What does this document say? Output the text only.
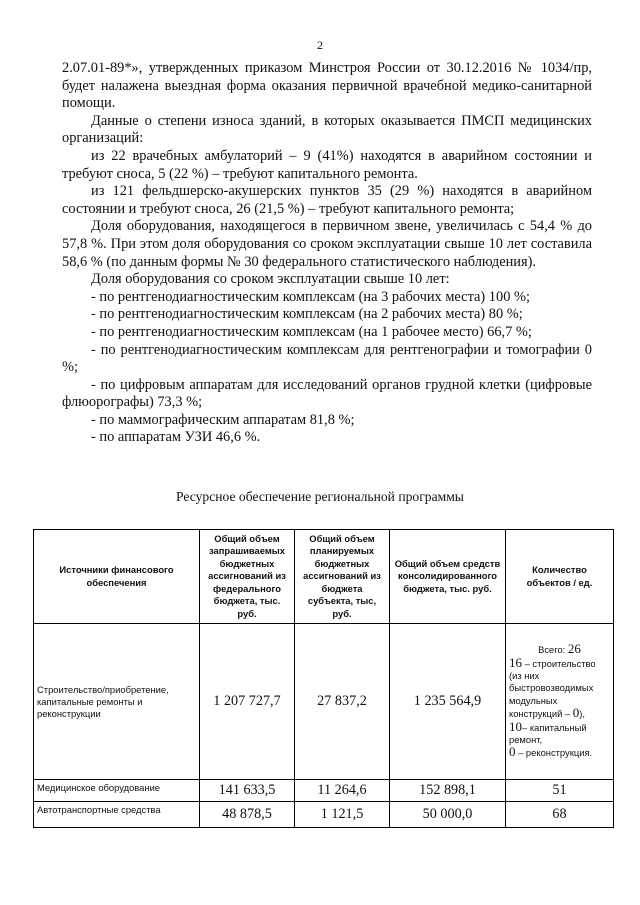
2

2.07.01-89*», утвержденных приказом Минстроя России от 30.12.2016 № 1034/пр, будет налажена выездная форма оказания первичной врачебной медико-санитарной помощи.

Данные о степени износа зданий, в которых оказывается ПМСП медицинских организаций:

из 22 врачебных амбулаторий – 9 (41%) находятся в аварийном состоянии и требуют сноса, 5 (22 %) – требуют капитального ремонта.

из 121 фельдшерско-акушерских пунктов 35 (29 %) находятся в аварийном состоянии и требуют сноса, 26 (21,5 %) – требуют капитального ремонта;

Доля оборудования, находящегося в первичном звене, увеличилась с 54,4 % до 57,8 %. При этом доля оборудования со сроком эксплуатации свыше 10 лет составила 58,6 % (по данным формы № 30 федерального статистического наблюдения).

Доля оборудования со сроком эксплуатации свыше 10 лет:

- по рентгенодиагностическим комплексам (на 3 рабочих места) 100 %;

- по рентгенодиагностическим комплексам (на 2 рабочих места) 80 %;

- по рентгенодиагностическим комплексам (на 1 рабочее место) 66,7 %;

- по рентгенодиагностическим комплексам для рентгенографии и томографии 0 %;

- по цифровым аппаратам для исследований органов грудной клетки (цифровые флюорографы) 73,3 %;

- по маммографическим аппаратам 81,8 %;

- по аппаратам УЗИ 46,6 %.

Ресурсное обеспечение региональной программы
Источники финансового обеспечения	Общий объем запрашиваемых бюджетных ассигнований из федерального бюджета, тыс. руб.	Общий объем планируемых бюджетных ассигнований из бюджета субъекта, тыс, руб.	Общий объем средств консолидированного бюджета, тыс. руб.	Количество объектов / ед.
Строительство/приобретение, капитальные ремонты и реконструкции	1 207 727,7	27 837,2	1 235 564,9	Всего: 26
16 – строительство (из них быстровозводимых модульных конструкций – 0),
10– капитальный ремонт,
0 – реконструкция.

Медицинское оборудование	141 633,5	11 264,6	152 898,1	51
Автотранспортные средства	48 878,5	1 121,5	50 000,0	68
